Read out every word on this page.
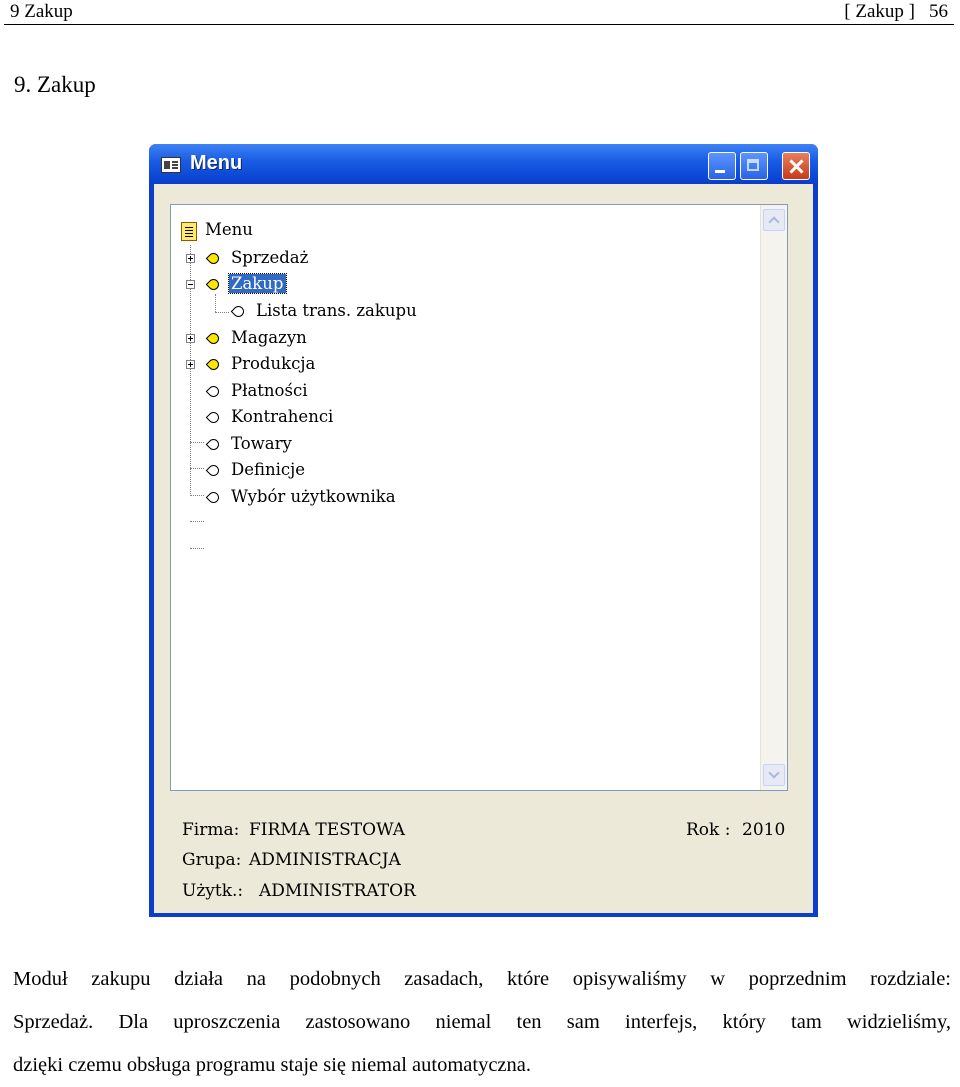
9 Zakup	[ Zakup ] 56
9. Zakup
Menu
Menu
Sprzedaż
Zakup
Lista trans. zakupu
Magazyn
Produkcja
Płatności
Kontrahenci
Towary
Definicje
Wybór użytkownika
Firma: FIRMA TESTOWA	Rok : 2010
Grupa: ADMINISTRACJA
Użytk.: ADMINISTRATOR
Moduł zakupu działa na podobnych zasadach, które opisywaliśmy w poprzednim rozdziale:
Sprzedaż. Dla uproszczenia zastosowano niemal ten sam interfejs, który tam widzieliśmy,
dzięki czemu obsługa programu staje się niemal automatyczna.
